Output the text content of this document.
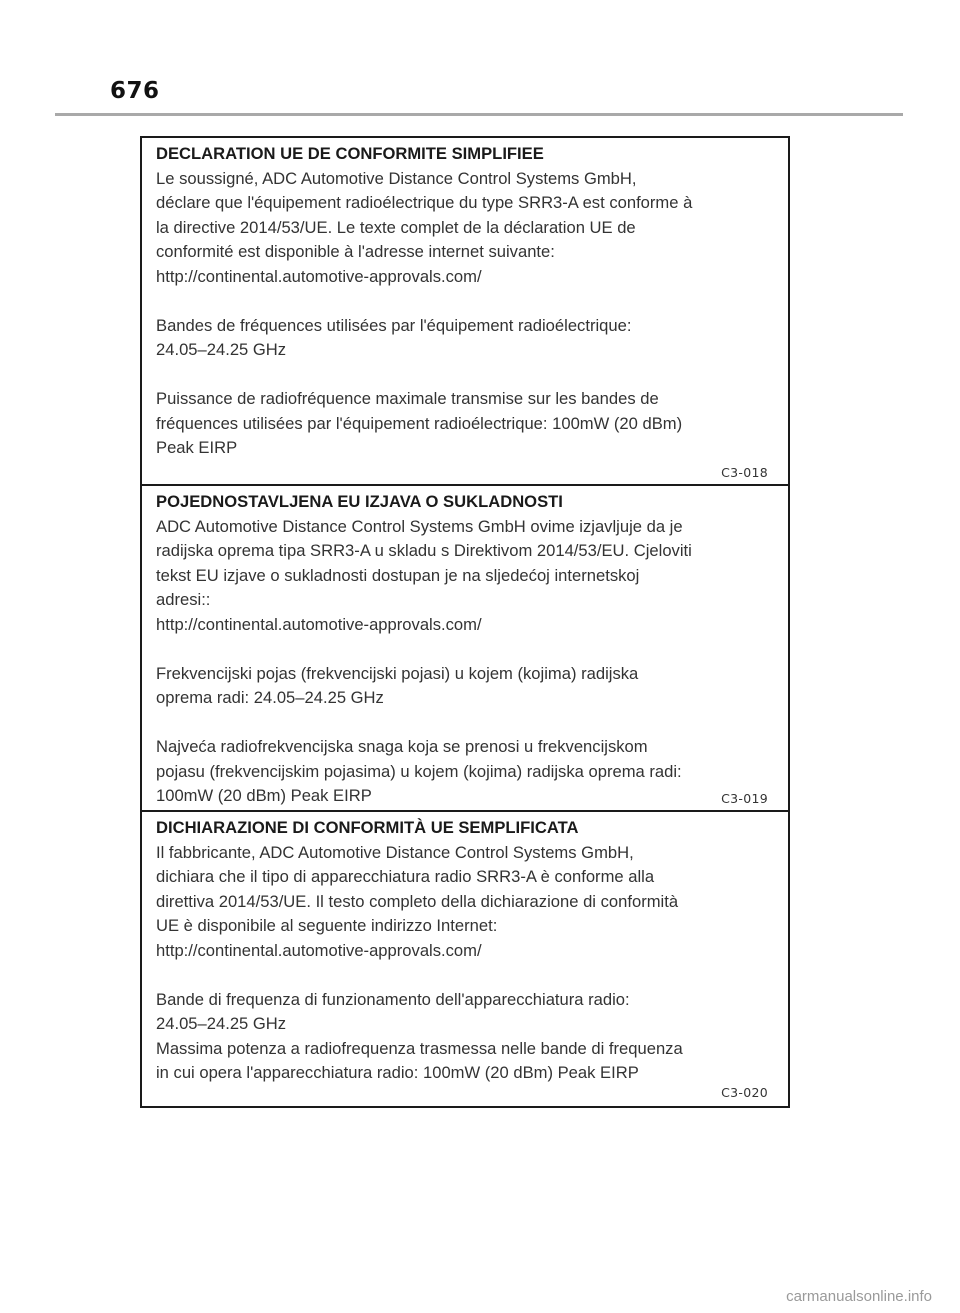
676
DECLARATION UE DE CONFORMITE SIMPLIFIEE
Le soussigné, ADC Automotive Distance Control Systems GmbH,
déclare que l'équipement radioélectrique du type SRR3-A est conforme à
la directive 2014/53/UE. Le texte complet de la déclaration UE de
conformité est disponible à l'adresse internet suivante:
http://continental.automotive-approvals.com/
Bandes de fréquences utilisées par l'équipement radioélectrique:
24.05–24.25 GHz
Puissance de radiofréquence maximale transmise sur les bandes de
fréquences utilisées par l'équipement radioélectrique: 100mW (20 dBm)
Peak EIRP
C3-018
POJEDNOSTAVLJENA EU IZJAVA O SUKLADNOSTI
ADC Automotive Distance Control Systems GmbH ovime izjavljuje da je
radijska oprema tipa SRR3-A u skladu s Direktivom 2014/53/EU. Cjeloviti
tekst EU izjave o sukladnosti dostupan je na sljedećoj internetskoj
adresi::
http://continental.automotive-approvals.com/
Frekvencijski pojas (frekvencijski pojasi) u kojem (kojima) radijska
oprema radi: 24.05–24.25 GHz
Najveća radiofrekvencijska snaga koja se prenosi u frekvencijskom
pojasu (frekvencijskim pojasima) u kojem (kojima) radijska oprema radi:
100mW (20 dBm) Peak EIRP	C3-019
DICHIARAZIONE DI CONFORMITÀ UE SEMPLIFICATA
Il fabbricante, ADC Automotive Distance Control Systems GmbH,
dichiara che il tipo di apparecchiatura radio SRR3-A è conforme alla
direttiva 2014/53/UE. Il testo completo della dichiarazione di conformità
UE è disponibile al seguente indirizzo Internet:
http://continental.automotive-approvals.com/
Bande di frequenza di funzionamento dell'apparecchiatura radio:
24.05–24.25 GHz
Massima potenza a radiofrequenza trasmessa nelle bande di frequenza
in cui opera l'apparecchiatura radio: 100mW (20 dBm) Peak EIRP
C3-020
carmanualsonline.info
